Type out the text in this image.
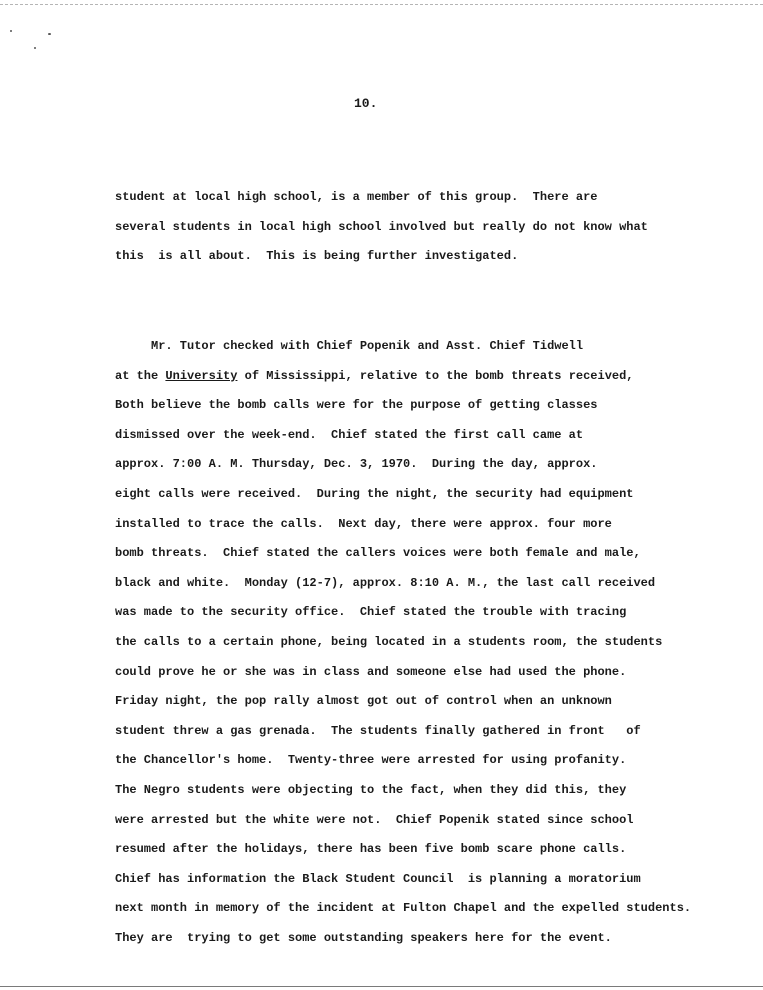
10.
student at local high school, is a member of this group.  There are
several students in local high school involved but really do not know what
this  is all about.  This is being further investigated.
Mr. Tutor checked with Chief Popenik and Asst. Chief Tidwell
at the University of Mississippi, relative to the bomb threats received,
Both believe the bomb calls were for the purpose of getting classes
dismissed over the week-end.  Chief stated the first call came at
approx. 7:00 A. M. Thursday, Dec. 3, 1970.  During the day, approx.
eight calls were received.  During the night, the security had equipment
installed to trace the calls.  Next day, there were approx. four more
bomb threats.  Chief stated the callers voices were both female and male,
black and white.  Monday (12-7), approx. 8:10 A. M., the last call received
was made to the security office.  Chief stated the trouble with tracing
the calls to a certain phone, being located in a students room, the students
could prove he or she was in class and someone else had used the phone.
Friday night, the pop rally almost got out of control when an unknown
student threw a gas grenada.  The students finally gathered in front   of
the Chancellor's home.  Twenty-three were arrested for using profanity.
The Negro students were objecting to the fact, when they did this, they
were arrested but the white were not.  Chief Popenik stated since school
resumed after the holidays, there has been five bomb scare phone calls.
Chief has information the Black Student Council  is planning a moratorium
next month in memory of the incident at Fulton Chapel and the expelled students.
They are  trying to get some outstanding speakers here for the event.
